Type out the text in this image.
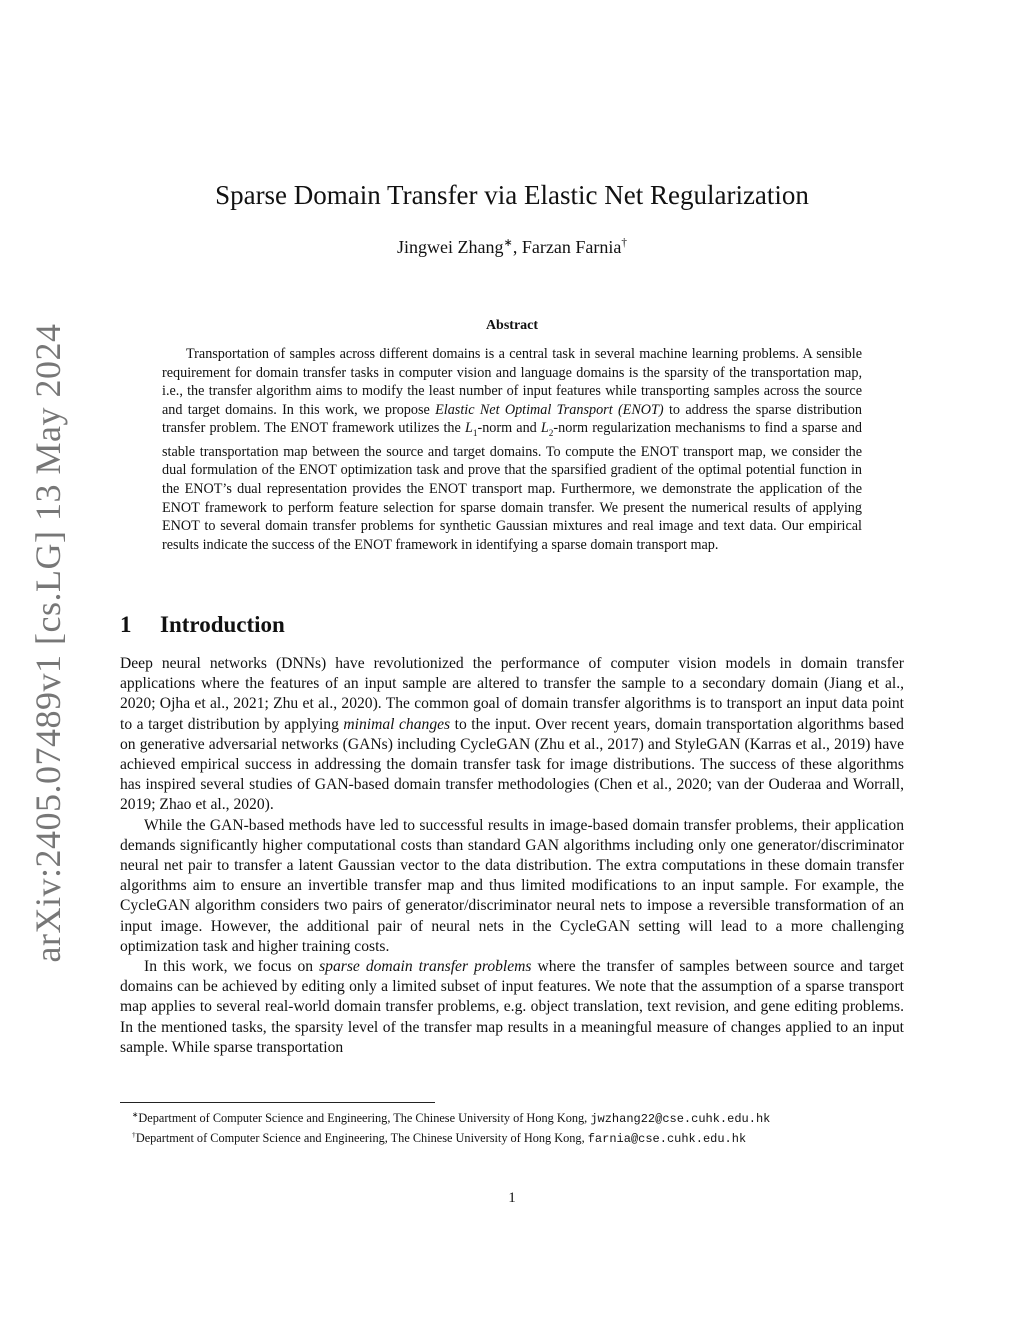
arXiv:2405.07489v1 [cs.LG] 13 May 2024
Sparse Domain Transfer via Elastic Net Regularization
Jingwei Zhang∗, Farzan Farnia†
Abstract
Transportation of samples across different domains is a central task in several machine learning problems. A sensible requirement for domain transfer tasks in computer vision and language domains is the sparsity of the transportation map, i.e., the transfer algorithm aims to modify the least number of input features while transporting samples across the source and target domains. In this work, we propose Elastic Net Optimal Transport (ENOT) to address the sparse distribution transfer problem. The ENOT framework utilizes the $L_1$-norm and $L_2$-norm regularization mechanisms to find a sparse and stable transportation map between the source and target domains. To compute the ENOT transport map, we consider the dual formulation of the ENOT optimization task and prove that the sparsified gradient of the optimal potential function in the ENOT’s dual representation provides the ENOT transport map. Furthermore, we demonstrate the application of the ENOT framework to perform feature selection for sparse domain transfer. We present the numerical results of applying ENOT to several domain transfer problems for synthetic Gaussian mixtures and real image and text data. Our empirical results indicate the success of the ENOT framework in identifying a sparse domain transport map.
1 Introduction

Deep neural networks (DNNs) have revolutionized the performance of computer vision models in domain transfer applications where the features of an input sample are altered to transfer the sample to a secondary domain (Jiang et al., 2020; Ojha et al., 2021; Zhu et al., 2020). The common goal of domain transfer algorithms is to transport an input data point to a target distribution by applying minimal changes to the input. Over recent years, domain transportation algorithms based on generative adversarial networks (GANs) including CycleGAN (Zhu et al., 2017) and StyleGAN (Karras et al., 2019) have achieved empirical success in addressing the domain transfer task for image distributions. The success of these algorithms has inspired several studies of GAN-based domain transfer methodologies (Chen et al., 2020; van der Ouderaa and Worrall, 2019; Zhao et al., 2020).

While the GAN-based methods have led to successful results in image-based domain transfer problems, their application demands significantly higher computational costs than standard GAN algorithms including only one generator/discriminator neural net pair to transfer a latent Gaussian vector to the data distribution. The extra computations in these domain transfer algorithms aim to ensure an invertible transfer map and thus limited modifications to an input sample. For example, the CycleGAN algorithm considers two pairs of generator/discriminator neural nets to impose a reversible transformation of an input image. However, the additional pair of neural nets in the CycleGAN setting will lead to a more challenging optimization task and higher training costs.

In this work, we focus on sparse domain transfer problems where the transfer of samples between source and target domains can be achieved by editing only a limited subset of input features. We note that the assumption of a sparse transport map applies to several real-world domain transfer problems, e.g. object translation, text revision, and gene editing problems. In the mentioned tasks, the sparsity level of the transfer map results in a meaningful measure of changes applied to an input sample. While sparse transportation

∗Department of Computer Science and Engineering, The Chinese University of Hong Kong, jwzhang22@cse.cuhk.edu.hk
†Department of Computer Science and Engineering, The Chinese University of Hong Kong, farnia@cse.cuhk.edu.hk
1
